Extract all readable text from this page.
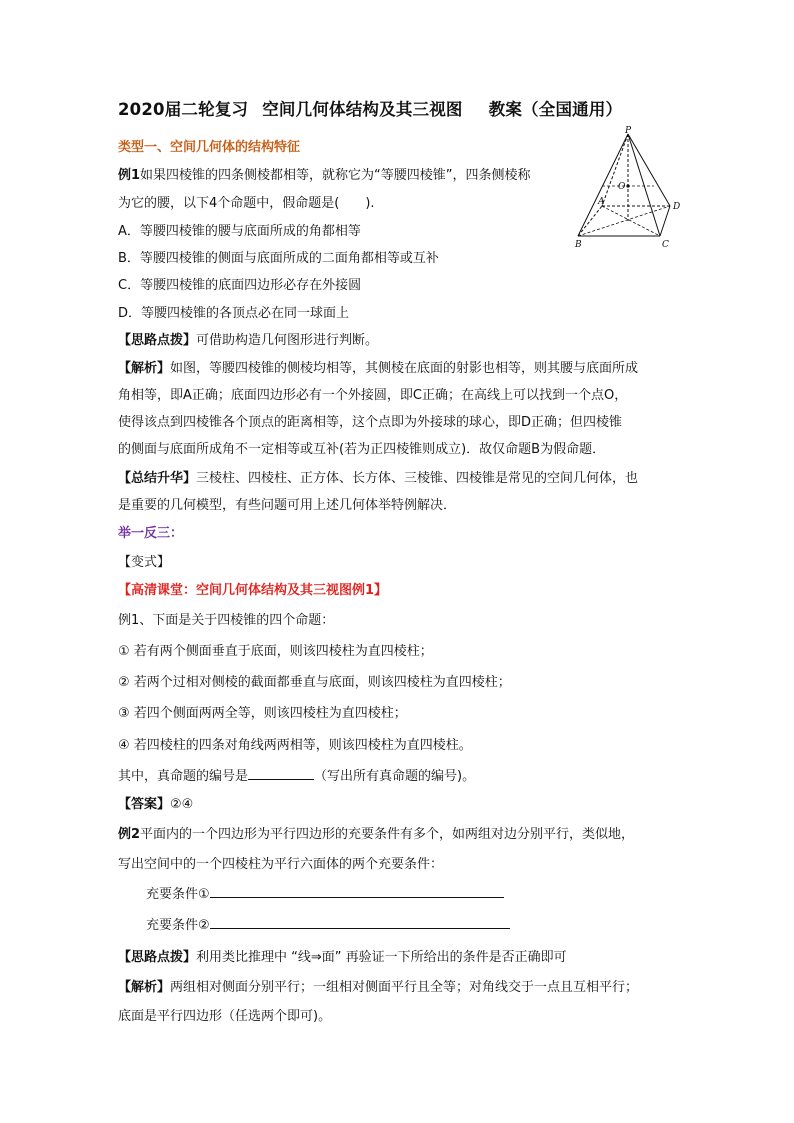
2020届二轮复习 空间几何体结构及其三视图 教案（全国通用）
类型一、空间几何体的结构特征
例1如果四棱锥的四条侧棱都相等，就称它为“等腰四棱锥”，四条侧棱称
为它的腰，以下4个命题中，假命题是(　　).
A．等腰四棱锥的腰与底面所成的角都相等
B．等腰四棱锥的侧面与底面所成的二面角都相等或互补
C．等腰四棱锥的底面四边形必存在外接圆
D．等腰四棱锥的各顶点必在同一球面上
【思路点拨】可借助构造几何图形进行判断。
【解析】如图，等腰四棱锥的侧棱均相等，其侧棱在底面的射影也相等，则其腰与底面所成
角相等，即A正确；底面四边形必有一个外接圆，即C正确；在高线上可以找到一个点O，
使得该点到四棱锥各个顶点的距离相等，这个点即为外接球的球心，即D正确；但四棱锥
的侧面与底面所成角不一定相等或互补(若为正四棱锥则成立)．故仅命题B为假命题．
【总结升华】三棱柱、四棱柱、正方体、长方体、三棱锥、四棱锥是常见的空间几何体，也
是重要的几何模型，有些问题可用上述几何体举特例解决．
举一反三：
【变式】
【高清课堂：空间几何体结构及其三视图例1】
例1、下面是关于四棱锥的四个命题：
① 若有两个侧面垂直于底面，则该四棱柱为直四棱柱；
② 若两个过相对侧棱的截面都垂直与底面，则该四棱柱为直四棱柱；
③ 若四个侧面两两全等，则该四棱柱为直四棱柱；
④ 若四棱柱的四条对角线两两相等，则该四棱柱为直四棱柱。
其中，真命题的编号是	（写出所有真命题的编号)。
【答案】②④
例2平面内的一个四边形为平行四边形的充要条件有多个，如两组对边分别平行，类似地，
写出空间中的一个四棱柱为平行六面体的两个充要条件：
充要条件①
充要条件②
【思路点拨】利用类比推理中 “线⇒面” 再验证一下所给出的条件是否正确即可
【解析】两组相对侧面分别平行；一组相对侧面平行且全等；对角线交于一点且互相平行；
底面是平行四边形（任选两个即可)。
P
O
A
B	C
D
